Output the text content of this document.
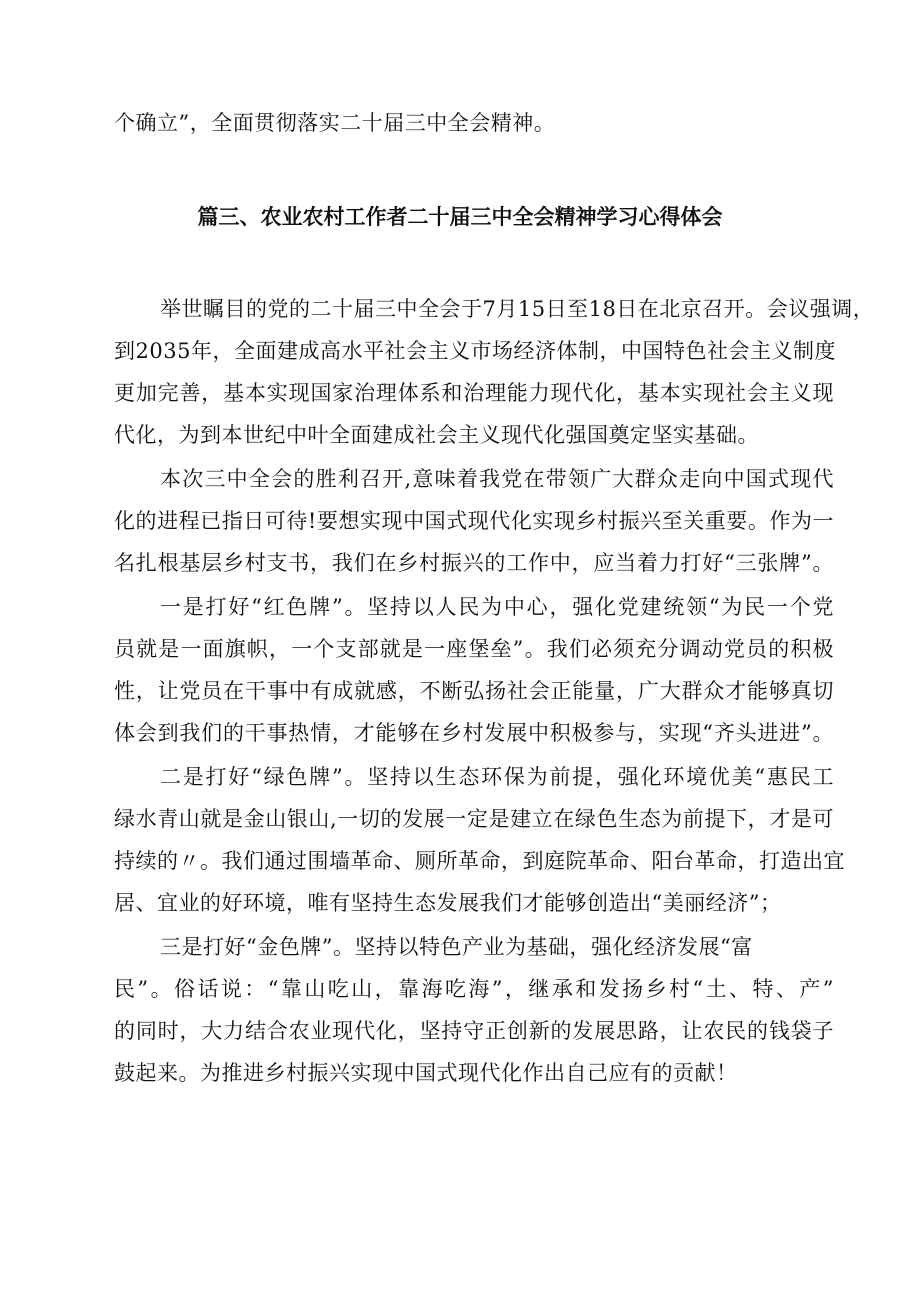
个确立”，全面贯彻落实二十届三中全会精神。
篇三、农业农村工作者二十届三中全会精神学习心得体会
举世瞩目的党的二十届三中全会于7月15日至18日在北京召开。会议强调，
到2035年，全面建成高水平社会主义市场经济体制，中国特色社会主义制度
更加完善，基本实现国家治理体系和治理能力现代化，基本实现社会主义现
代化，为到本世纪中叶全面建成社会主义现代化强国奠定坚实基础。
本次三中全会的胜利召开,意味着我党在带领广大群众走向中国式现代
化的进程已指日可待!要想实现中国式现代化实现乡村振兴至关重要。作为一
名扎根基层乡村支书，我们在乡村振兴的工作中，应当着力打好“三张牌”。
一是打好“红色牌”。坚持以人民为中心，强化党建统领“为民一个党
员就是一面旗帜，一个支部就是一座堡垒”。我们必须充分调动党员的积极
性，让党员在干事中有成就感，不断弘扬社会正能量，广大群众才能够真切
体会到我们的干事热情，才能够在乡村发展中积极参与，实现“齐头进进”。
二是打好“绿色牌”。坚持以生态环保为前提，强化环境优美“惠民工
绿水青山就是金山银山,一切的发展一定是建立在绿色生态为前提下，才是可
持续的〃。我们通过围墙革命、厕所革命，到庭院革命、阳台革命，打造出宜
居、宜业的好环境，唯有坚持生态发展我们才能够创造出“美丽经济”；
三是打好“金色牌”。坚持以特色产业为基础，强化经济发展“富
民”。俗话说：“靠山吃山，靠海吃海”，继承和发扬乡村“土、特、产”
的同时，大力结合农业现代化，坚持守正创新的发展思路，让农民的钱袋子
鼓起来。为推进乡村振兴实现中国式现代化作出自己应有的贡献！
